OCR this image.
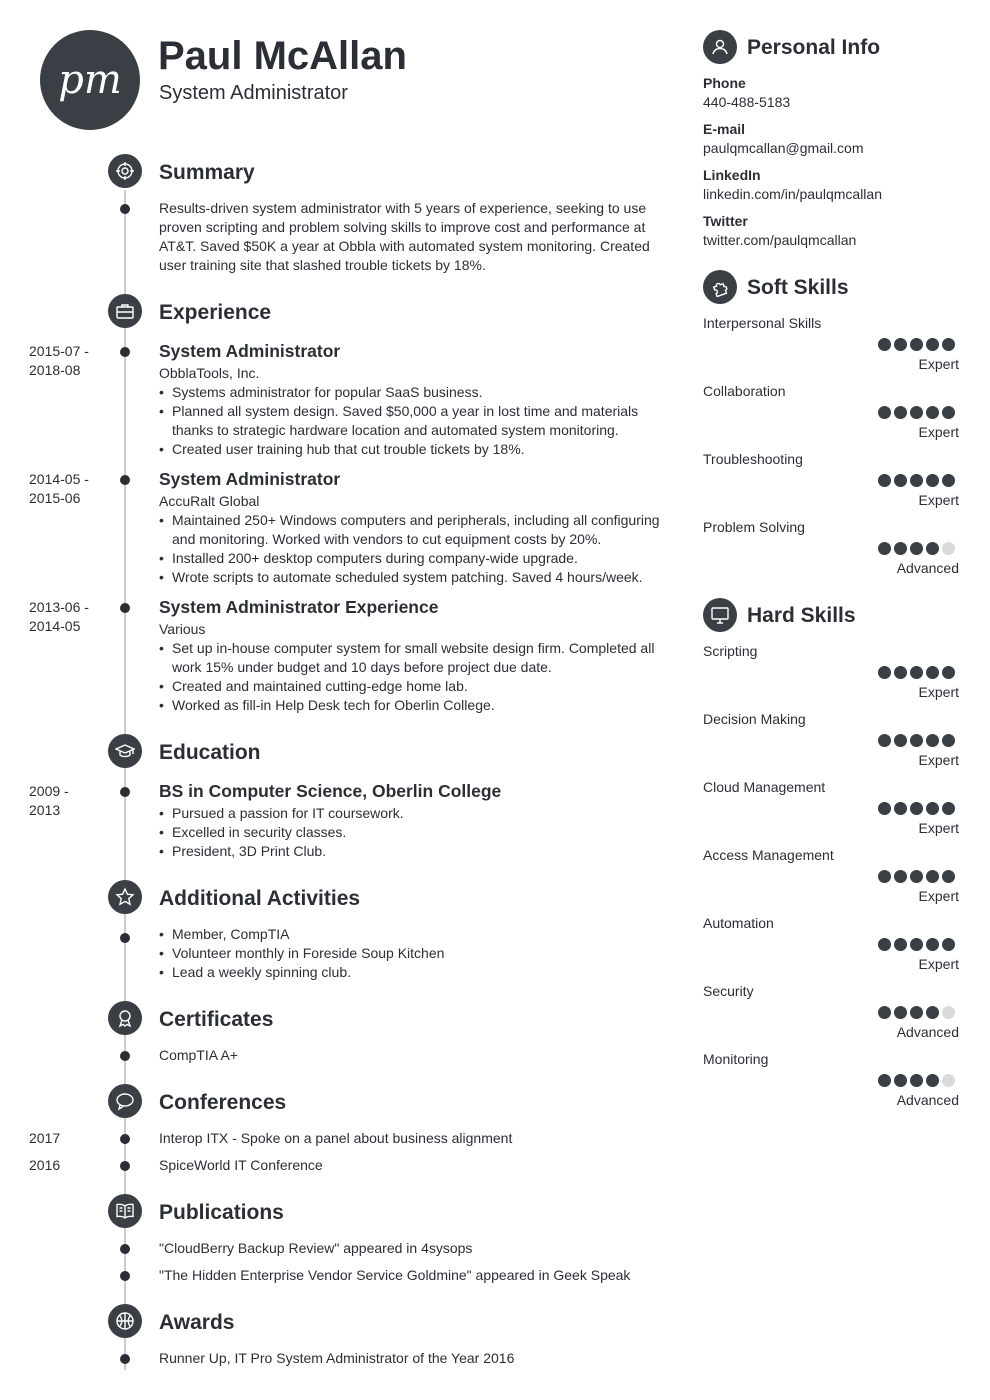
pm
Paul McAllan
System Administrator
Summary
Results-driven system administrator with 5 years of experience, seeking to use proven scripting and problem solving skills to improve cost and performance at AT&T. Saved $50K a year at Obbla with automated system monitoring. Created user training site that slashed trouble tickets by 18%.
Experience
2015-07 -
2018-08
System Administrator
ObblaTools, Inc.
• Systems administrator for popular SaaS business.
• Planned all system design. Saved $50,000 a year in lost time and materials thanks to strategic hardware location and automated system monitoring.
• Created user training hub that cut trouble tickets by 18%.
2014-05 -
2015-06
System Administrator
AccuRalt Global
• Maintained 250+ Windows computers and peripherals, including all configuring and monitoring. Worked with vendors to cut equipment costs by 20%.
• Installed 200+ desktop computers during company-wide upgrade.
• Wrote scripts to automate scheduled system patching. Saved 4 hours/week.
2013-06 -
2014-05
System Administrator Experience
Various
• Set up in-house computer system for small website design firm. Completed all work 15% under budget and 10 days before project due date.
• Created and maintained cutting-edge home lab.
• Worked as fill-in Help Desk tech for Oberlin College.
Education
2009 -
2013
BS in Computer Science, Oberlin College
• Pursued a passion for IT coursework.
• Excelled in security classes.
• President, 3D Print Club.
Additional Activities
• Member, CompTIA
• Volunteer monthly in Foreside Soup Kitchen
• Lead a weekly spinning club.
Certificates
CompTIA A+
Conferences
2017	Interop ITX - Spoke on a panel about business alignment
2016	SpiceWorld IT Conference
Publications
"CloudBerry Backup Review" appeared in 4sysops
"The Hidden Enterprise Vendor Service Goldmine" appeared in Geek Speak
Awards
Runner Up, IT Pro System Administrator of the Year 2016
Personal Info
Phone
440-488-5183
E-mail
paulqmcallan@gmail.com
LinkedIn
linkedin.com/in/paulqmcallan
Twitter
twitter.com/paulqmcallan
Soft Skills
Interpersonal Skills
Expert
Collaboration
Expert
Troubleshooting
Expert
Problem Solving
Advanced
Hard Skills
Scripting
Expert
Decision Making
Expert
Cloud Management
Expert
Access Management
Expert
Automation
Expert
Security
Advanced
Monitoring
Advanced
